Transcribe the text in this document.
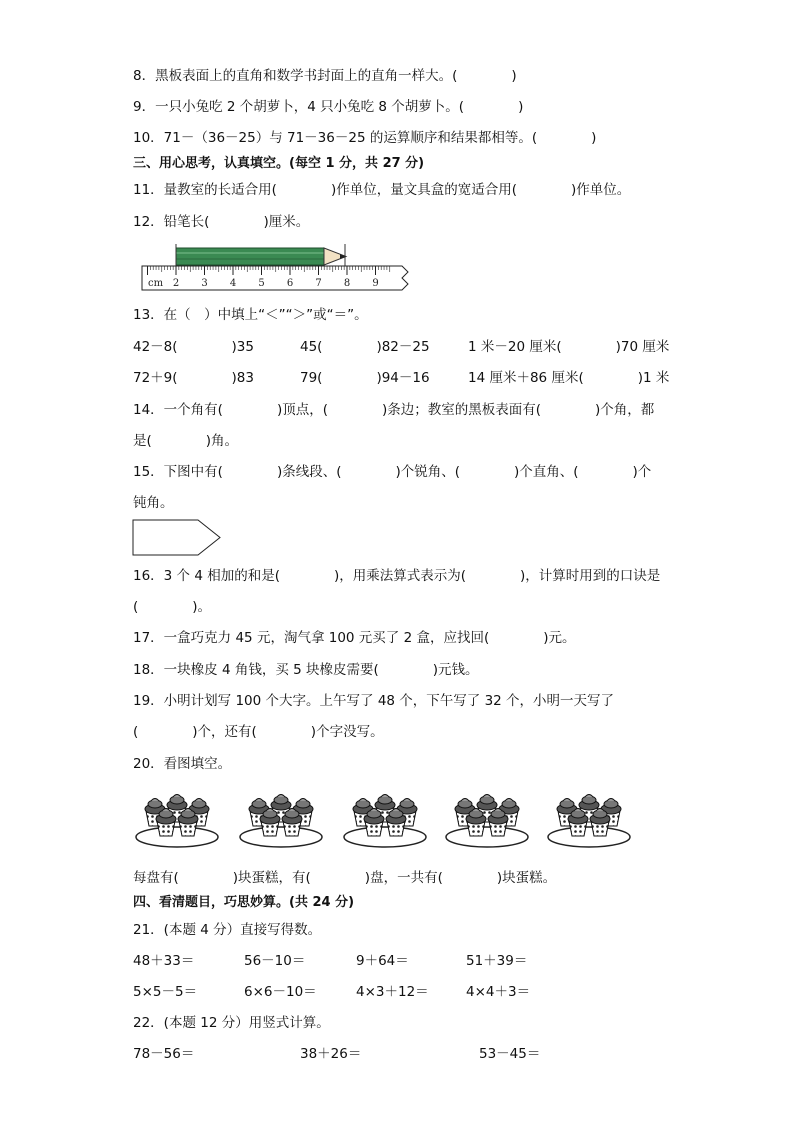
8．黑板表面上的直角和数学书封面上的直角一样大。(　　　　)
9．一只小兔吃 2 个胡萝卜，4 只小兔吃 8 个胡萝卜。(　　　　)
10．71－（36－25）与 71－36－25 的运算顺序和结果都相等。(　　　　)
三、用心思考，认真填空。(每空 1 分，共 27 分)
11．量教室的长适合用(　　　　)作单位，量文具盒的宽适合用(　　　　)作单位。
12．铅笔长(　　　　)厘米。
2 3 4 5 6 7 8 9
cm
13．在（　）中填上“＜”“＞”或“＝”。
42－8(　　　　)35	45(　　　　)82－25	1 米－20 厘米(　　　　)70 厘米
72＋9(　　　　)83	79(　　　　)94－16	14 厘米＋86 厘米(　　　　)1 米
14．一个角有(　　　　)顶点，(　　　　)条边；教室的黑板表面有(　　　　)个角，都
是(　　　　)角。
15．下图中有(　　　　)条线段、(　　　　)个锐角、(　　　　)个直角、(　　　　)个
钝角。
16．3 个 4 相加的和是(　　　　)，用乘法算式表示为(　　　　)，计算时用到的口诀是
(　　　　)。
17．一盒巧克力 45 元，淘气拿 100 元买了 2 盒，应找回(　　　　)元。
18．一块橡皮 4 角钱，买 5 块橡皮需要(　　　　)元钱。
19．小明计划写 100 个大字。上午写了 48 个，下午写了 32 个，小明一天写了
(　　　　)个，还有(　　　　)个字没写。
20．看图填空。
每盘有(　　　　)块蛋糕，有(　　　　)盘，一共有(　　　　)块蛋糕。
四、看清题目，巧思妙算。(共 24 分)
21．(本题 4 分）直接写得数。
48＋33＝	56－10＝	9＋64＝	51＋39＝
5×5－5＝	6×6－10＝	4×3＋12＝	4×4＋3＝
22．(本题 12 分）用竖式计算。
78－56＝	38＋26＝	53－45＝
